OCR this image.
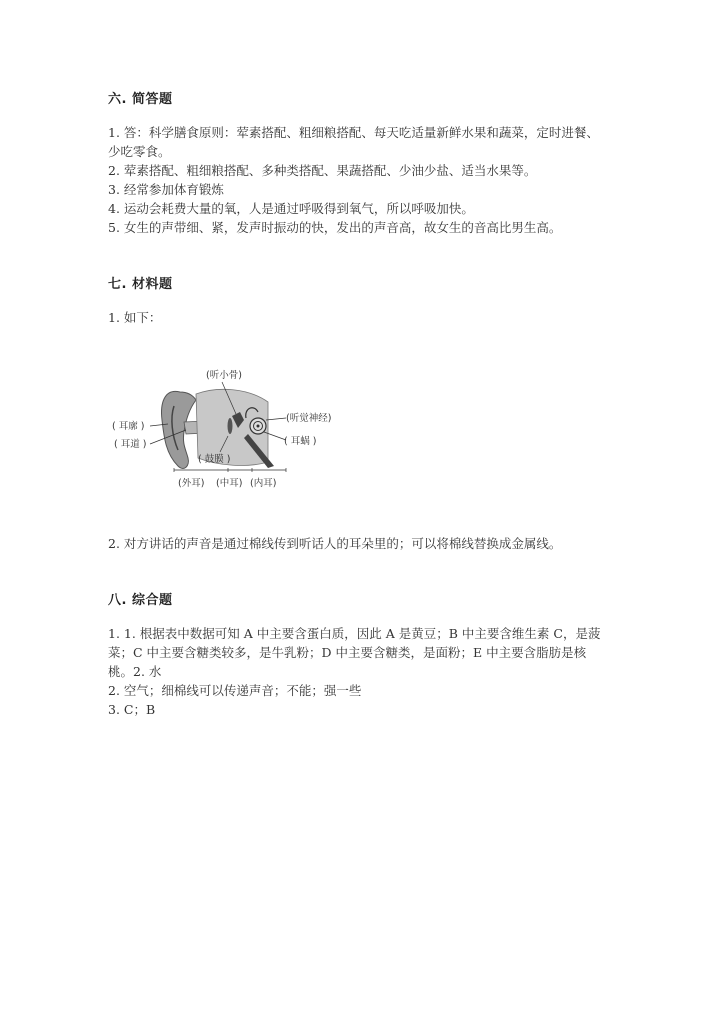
六. 简答题

1. 答：科学膳食原则：荤素搭配、粗细粮搭配、每天吃适量新鲜水果和蔬菜，定时进餐、少吃零食。

2. 荤素搭配、粗细粮搭配、多种类搭配、果蔬搭配、少油少盐、适当水果等。

3. 经常参加体育锻炼

4. 运动会耗费大量的氧，人是通过呼吸得到氧气，所以呼吸加快。

5. 女生的声带细、紧，发声时振动的快，发出的声音高，故女生的音高比男生高。

七. 材料题
1. 如下：
(听小骨)
( 耳廓 )
( 耳道 )
(听觉神经)
( 耳蜗 )
( 鼓膜 )
(外耳) (中耳) (内耳)
2. 对方讲话的声音是通过棉线传到听话人的耳朵里的；可以将棉线替换成金属线。
八. 综合题

1. 1. 根据表中数据可知 A 中主要含蛋白质，因此 A 是黄豆；B 中主要含维生素 C，是菠菜；C 中主要含糖类较多，是牛乳粉；D 中主要含糖类，是面粉；E 中主要含脂肪是核桃。2. 水

2. 空气；细棉线可以传递声音；不能；强一些

3. C；B
